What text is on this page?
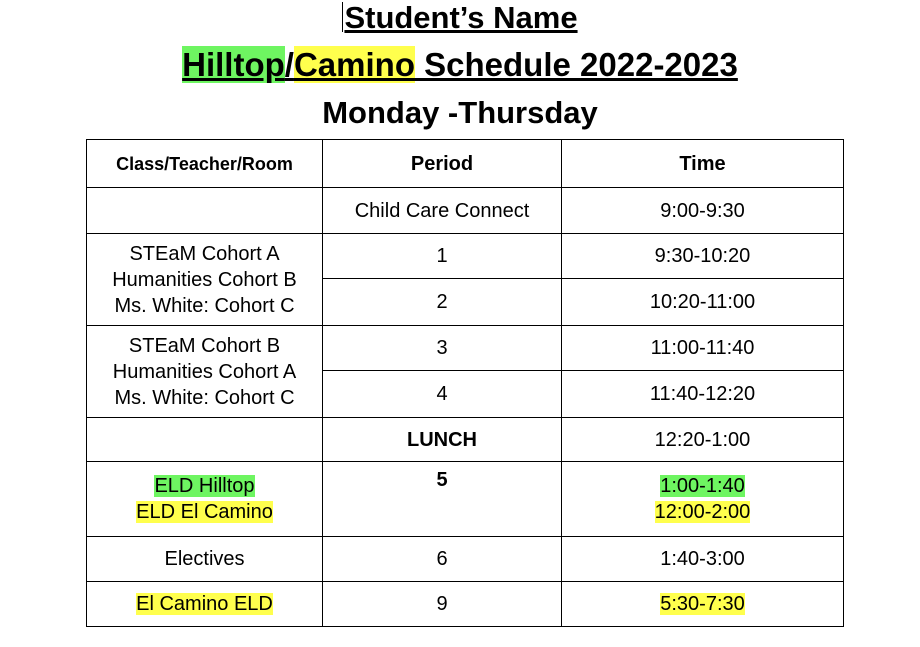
Student’s Name
Hilltop/Camino Schedule 2022-2023
Monday -Thursday
Class/Teacher/Room	Period	Time
	Child Care Connect	9:00-9:30

STEaM Cohort A
Humanities Cohort B
Ms. White: Cohort C	1	9:30-10:20
	2	10:20-11:00

STEaM Cohort B
Humanities Cohort A
Ms. White: Cohort C	3	11:00-11:40
	4	11:40-12:20
	LUNCH	12:20-1:00
ELD Hilltop
ELD El Camino	5	1:00-1:40
12:00-2:00
Electives	6	1:40-3:00
El Camino ELD	9	5:30-7:30
